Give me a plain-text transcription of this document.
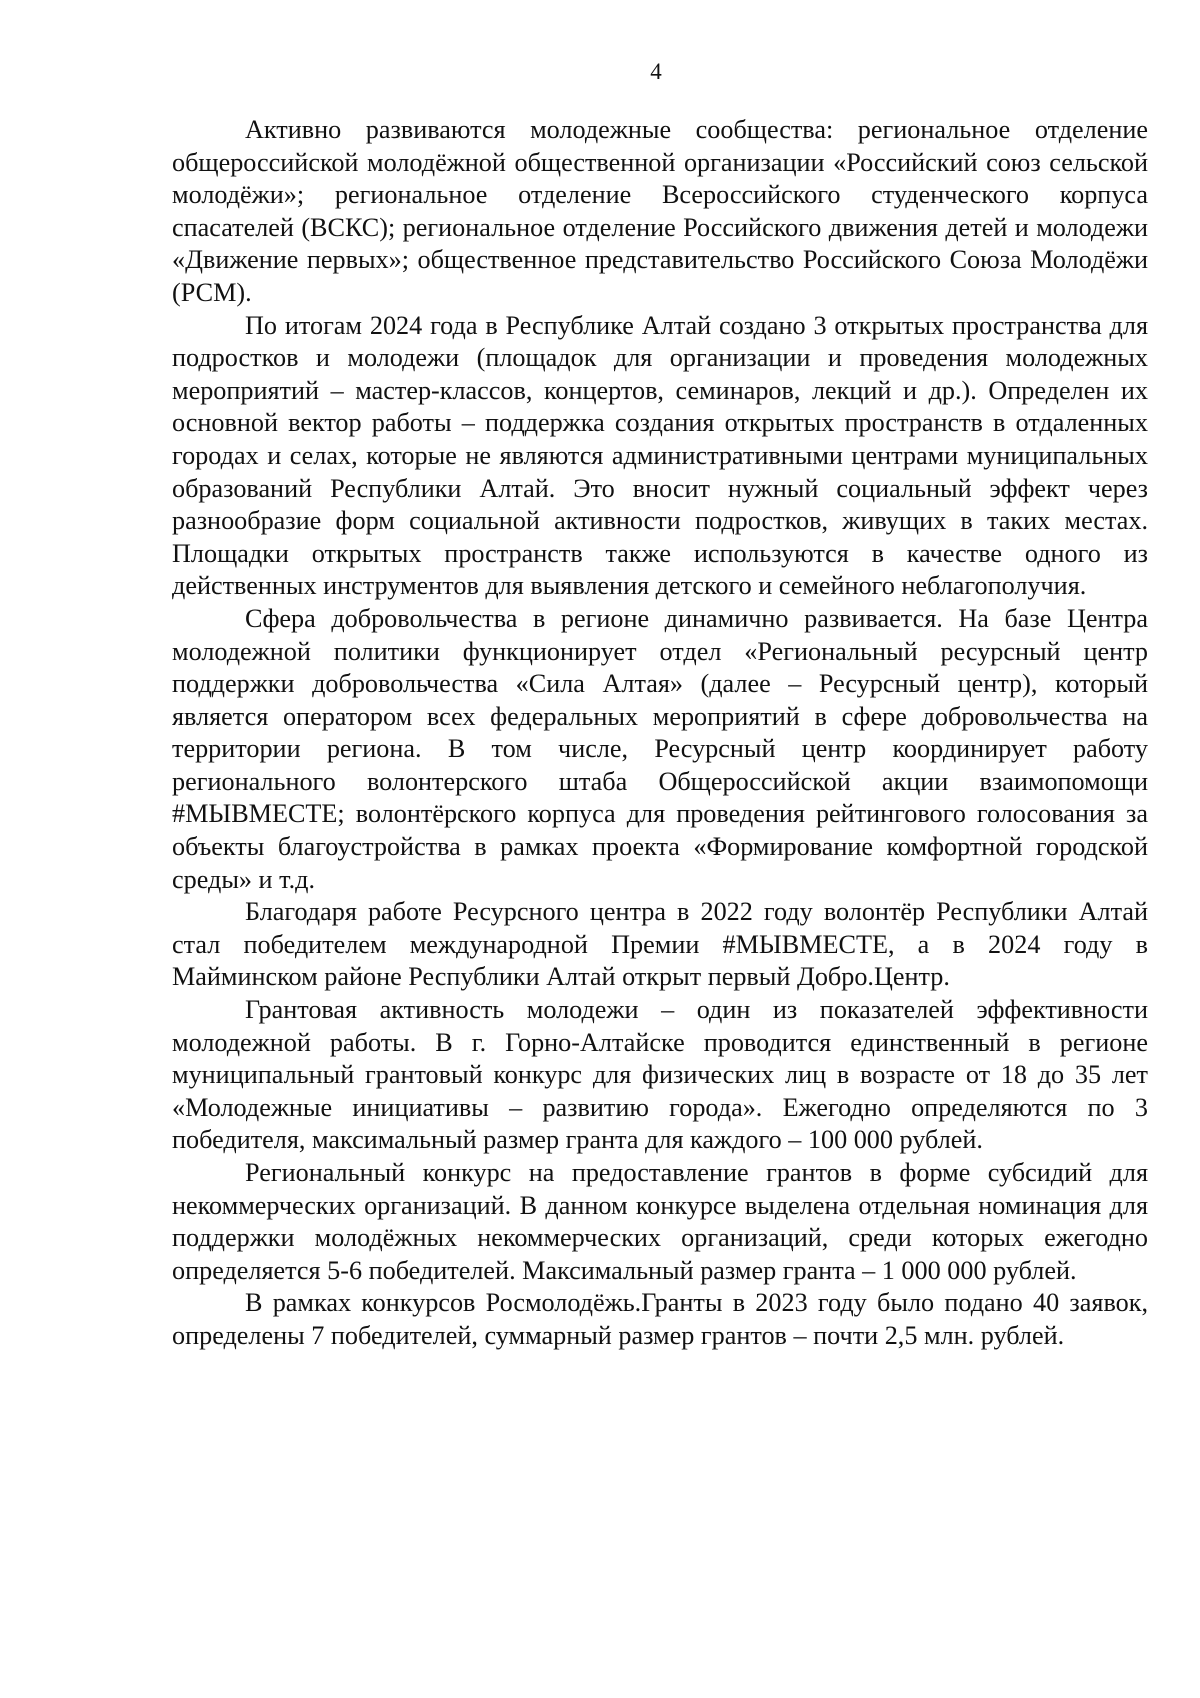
4

Активно развиваются молодежные сообщества: региональное отделение общероссийской молодёжной общественной организации «Российский союз сельской молодёжи»; региональное отделение Всероссийского студенческого корпуса спасателей (ВСКС); региональное отделение Российского движения детей и молодежи «Движение первых»; общественное представительство Российского Союза Молодёжи (РСМ).

По итогам 2024 года в Республике Алтай создано 3 открытых пространства для подростков и молодежи (площадок для организации и проведения молодежных мероприятий – мастер-классов, концертов, семинаров, лекций и др.). Определен их основной вектор работы – поддержка создания открытых пространств в отдаленных городах и селах, которые не являются административными центрами муниципальных образований Республики Алтай. Это вносит нужный социальный эффект через разнообразие форм социальной активности подростков, живущих в таких местах. Площадки открытых пространств также используются в качестве одного из действенных инструментов для выявления детского и семейного неблагополучия.

Сфера добровольчества в регионе динамично развивается. На базе Центра молодежной политики функционирует отдел «Региональный ресурсный центр поддержки добровольчества «Сила Алтая» (далее – Ресурсный центр), который является оператором всех федеральных мероприятий в сфере добровольчества на территории региона. В том числе, Ресурсный центр координирует работу регионального волонтерского штаба Общероссийской акции взаимопомощи #МЫВМЕСТЕ; волонтёрского корпуса для проведения рейтингового голосования за объекты благоустройства в рамках проекта «Формирование комфортной городской среды» и т.д.

Благодаря работе Ресурсного центра в 2022 году волонтёр Республики Алтай стал победителем международной Премии #МЫВМЕСТЕ, а в 2024 году в Майминском районе Республики Алтай открыт первый Добро.Центр.

Грантовая активность молодежи – один из показателей эффективности молодежной работы. В г. Горно-Алтайске проводится единственный в регионе муниципальный грантовый конкурс для физических лиц в возрасте от 18 до 35 лет «Молодежные инициативы – развитию города». Ежегодно определяются по 3 победителя, максимальный размер гранта для каждого – 100 000 рублей.

Региональный конкурс на предоставление грантов в форме субсидий для некоммерческих организаций. В данном конкурсе выделена отдельная номинация для поддержки молодёжных некоммерческих организаций, среди которых ежегодно определяется 5-6 победителей. Максимальный размер гранта – 1 000 000 рублей.

В рамках конкурсов Росмолодёжь.Гранты в 2023 году было подано 40 заявок, определены 7 победителей, суммарный размер грантов – почти 2,5 млн. рублей.
